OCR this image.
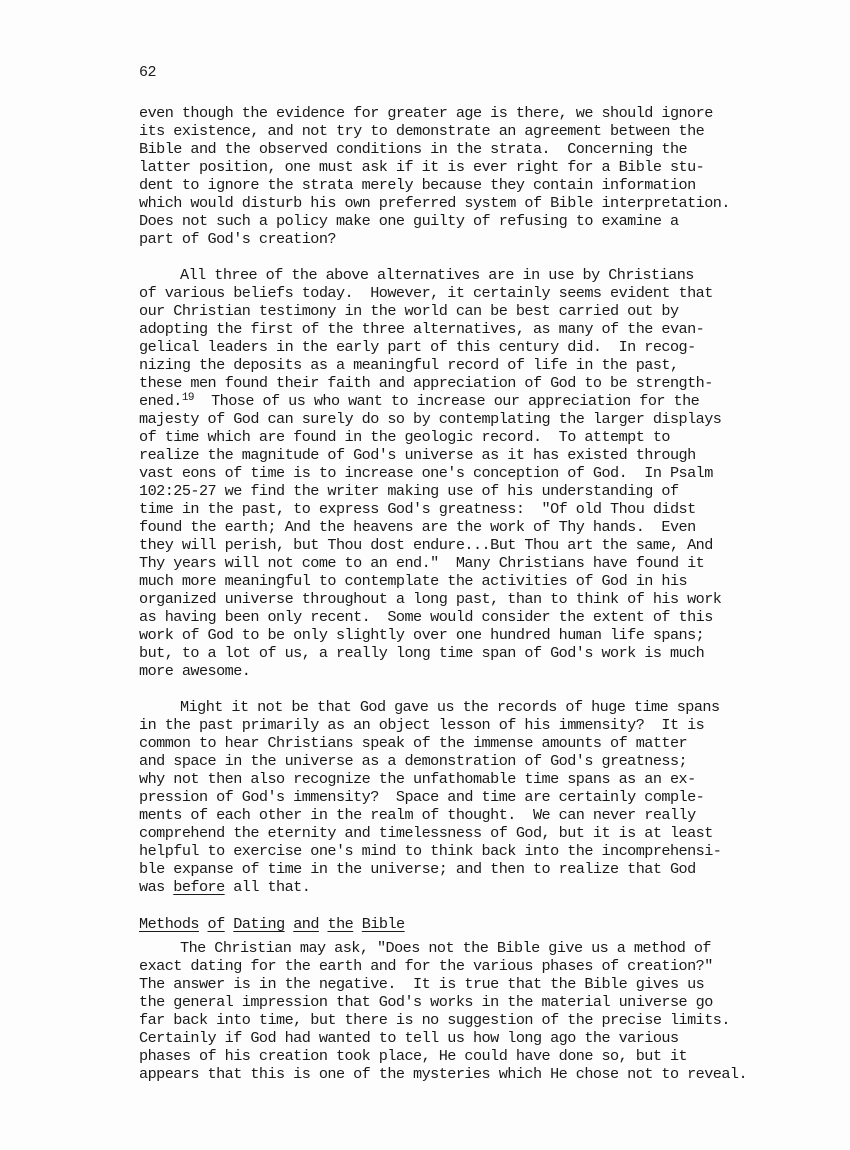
62
even though the evidence for greater age is there, we should ignore
its existence, and not try to demonstrate an agreement between the
Bible and the observed conditions in the strata.  Concerning the
latter position, one must ask if it is ever right for a Bible stu-
dent to ignore the strata merely because they contain information
which would disturb his own preferred system of Bible interpretation.
Does not such a policy make one guilty of refusing to examine a
part of God's creation?
All three of the above alternatives are in use by Christians
of various beliefs today.  However, it certainly seems evident that
our Christian testimony in the world can be best carried out by
adopting the first of the three alternatives, as many of the evan-
gelical leaders in the early part of this century did.  In recog-
nizing the deposits as a meaningful record of life in the past,
these men found their faith and appreciation of God to be strength-
ened.$^{19}$ Those of us who want to increase our appreciation for the
majesty of God can surely do so by contemplating the larger displays
of time which are found in the geologic record.  To attempt to
realize the magnitude of God's universe as it has existed through
vast eons of time is to increase one's conception of God.  In Psalm
102:25-27 we find the writer making use of his understanding of
time in the past, to express God's greatness:  "Of old Thou didst
found the earth; And the heavens are the work of Thy hands.  Even
they will perish, but Thou dost endure...But Thou art the same, And
Thy years will not come to an end."  Many Christians have found it
much more meaningful to contemplate the activities of God in his
organized universe throughout a long past, than to think of his work
as having been only recent.  Some would consider the extent of this
work of God to be only slightly over one hundred human life spans;
but, to a lot of us, a really long time span of God's work is much
more awesome.
Might it not be that God gave us the records of huge time spans
in the past primarily as an object lesson of his immensity?  It is
common to hear Christians speak of the immense amounts of matter
and space in the universe as a demonstration of God's greatness;
why not then also recognize the unfathomable time spans as an ex-
pression of God's immensity?  Space and time are certainly comple-
ments of each other in the realm of thought.  We can never really
comprehend the eternity and timelessness of God, but it is at least
helpful to exercise one's mind to think back into the incomprehensi-
ble expanse of time in the universe; and then to realize that God
was before all that.
Methods of Dating and the Bible
The Christian may ask, "Does not the Bible give us a method of
exact dating for the earth and for the various phases of creation?"
The answer is in the negative.  It is true that the Bible gives us
the general impression that God's works in the material universe go
far back into time, but there is no suggestion of the precise limits.
Certainly if God had wanted to tell us how long ago the various
phases of his creation took place, He could have done so, but it
appears that this is one of the mysteries which He chose not to reveal.
